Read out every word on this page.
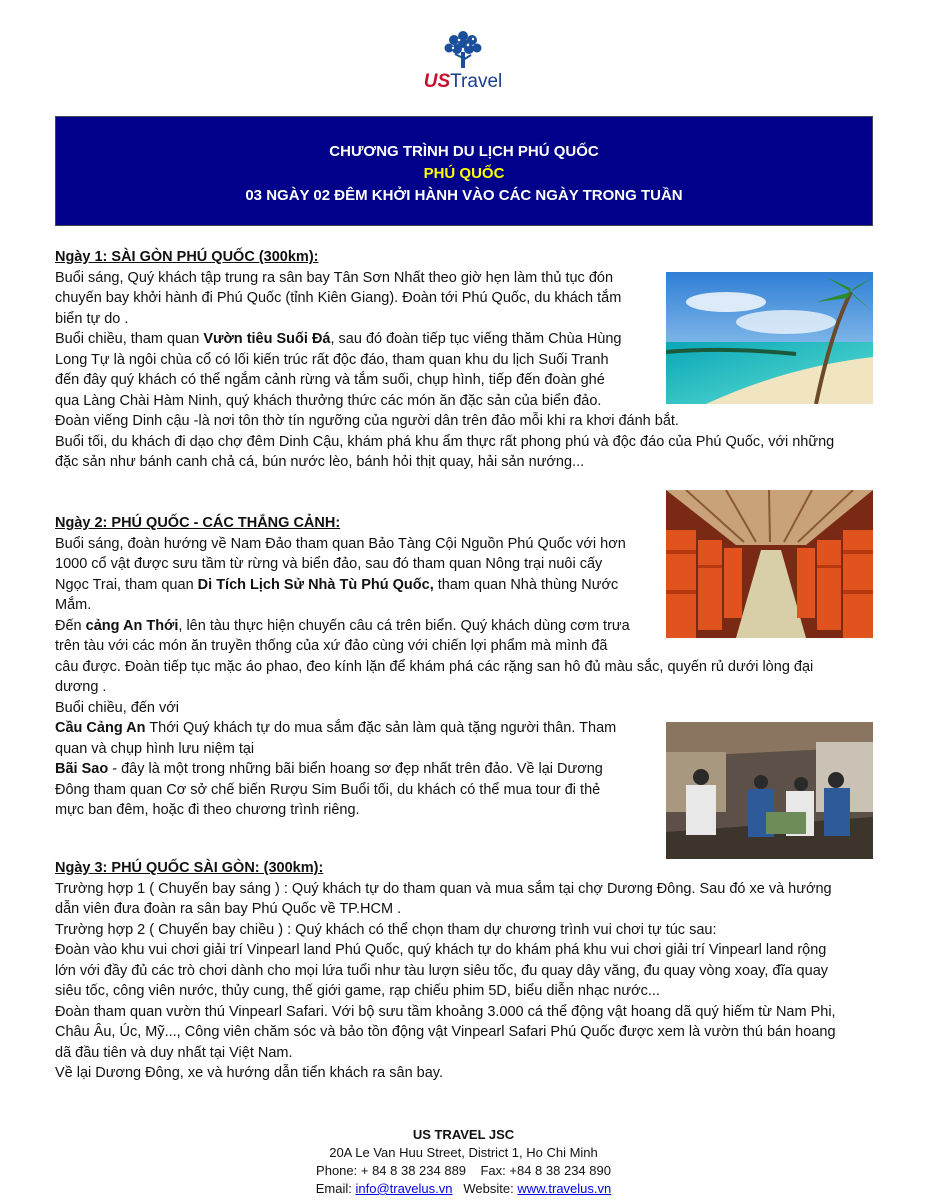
USTravel
CHƯƠNG TRÌNH DU LỊCH PHÚ QUỐC
PHÚ QUỐC
03 NGÀY 02 ĐÊM KHỞI HÀNH VÀO CÁC NGÀY TRONG TUẦN

Ngày 1: SÀI GÒN PHÚ QUỐC (300km):

Buổi sáng, Quý khách tập trung ra sân bay Tân Sơn Nhất theo giờ hẹn làm thủ tục đón

chuyến bay khởi hành đi Phú Quốc (tỉnh Kiên Giang). Đoàn tới Phú Quốc, du khách tắm

biển tự do .

Buổi chiều, tham quan Vườn tiêu Suối Đá, sau đó đoàn tiếp tục viếng thăm Chùa Hùng

Long Tự là ngôi chùa cổ có lối kiến trúc rất độc đáo, tham quan khu du lịch Suối Tranh

đến đây quý khách có thể ngắm cảnh rừng và tắm suối, chụp hình, tiếp đến đoàn ghé

qua Làng Chài Hàm Ninh, quý khách thưởng thức các món ăn đặc sản của biển đảo.

Đoàn viếng Dinh cậu -là nơi tôn thờ tín ngưỡng của người dân trên đảo mỗi khi ra khơi đánh bắt.

Buổi tối, du khách đi dạo chợ đêm Dinh Cậu, khám phá khu ẩm thực rất phong phú và độc đáo của Phú Quốc, với những

đặc sản như bánh canh chả cá, bún nước lèo, bánh hỏi thịt quay, hải sản nướng...

Ngày 2: PHÚ QUỐC - CÁC THẮNG CẢNH:

Buổi sáng, đoàn hướng về Nam Đảo tham quan Bảo Tàng Cội Nguồn Phú Quốc với hơn

1000 cổ vật được sưu tầm từ rừng và biển đảo, sau đó tham quan Nông trại nuôi cấy

Ngọc Trai, tham quan Di Tích Lịch Sử Nhà Tù Phú Quốc, tham quan Nhà thùng Nước

Mắm.

Đến cảng An Thới, lên tàu thực hiện chuyến câu cá trên biển. Quý khách dùng cơm trưa

trên tàu với các món ăn truyền thống của xứ đảo cùng với chiến lợi phẩm mà mình đã

câu được. Đoàn tiếp tục mặc áo phao, đeo kính lặn để khám phá các rặng san hô đủ màu sắc, quyến rủ dưới lòng đại

dương .

Buổi chiều, đến với

Cầu Cảng An Thới Quý khách tự do mua sắm đặc sản làm quà tặng người thân. Tham

quan và chụp hình lưu niệm tại

Bãi Sao - đây là một trong những bãi biển hoang sơ đẹp nhất trên đảo. Về lại Dương

Đông tham quan Cơ sở chế biến Rượu Sim Buổi tối, du khách có thể mua tour đi thẻ

mực ban đêm, hoặc đi theo chương trình riêng.

Ngày 3: PHÚ QUỐC SÀI GÒN: (300km):

Trường hợp 1 ( Chuyến bay sáng ) : Quý khách tự do tham quan và mua sắm tại chợ Dương Đông. Sau đó xe và hướng

dẫn viên đưa đoàn ra sân bay Phú Quốc về TP.HCM .

Trường hợp 2 ( Chuyến bay chiều ) : Quý khách có thể chọn tham dự chương trình vui chơi tự túc sau:

Đoàn vào khu vui chơi giải trí Vinpearl land Phú Quốc, quý khách tự do khám phá khu vui chơi giải trí Vinpearl land rộng

lớn với đầy đủ các trò chơi dành cho mọi lứa tuổi như tàu lượn siêu tốc, đu quay dây văng, đu quay vòng xoay, đĩa quay

siêu tốc, công viên nước, thủy cung, thế giới game, rạp chiếu phim 5D, biểu diễn nhạc nước...

Đoàn tham quan vườn thú Vinpearl Safari. Với bộ sưu tầm khoảng 3.000 cá thể động vật hoang dã quý hiếm từ Nam Phi,

Châu Âu, Úc, Mỹ..., Công viên chăm sóc và bảo tồn động vật Vinpearl Safari Phú Quốc được xem là vườn thú bán hoang

dã đầu tiên và duy nhất tại Việt Nam.

Về lại Dương Đông, xe và hướng dẫn tiển khách ra sân bay.

US TRAVEL JSC
20A Le Van Huu Street, District 1, Ho Chi Minh
Phone: + 84 8 38 234 889    Fax: +84 8 38 234 890
Email: info@travelus.vn   Website: www.travelus.vn
